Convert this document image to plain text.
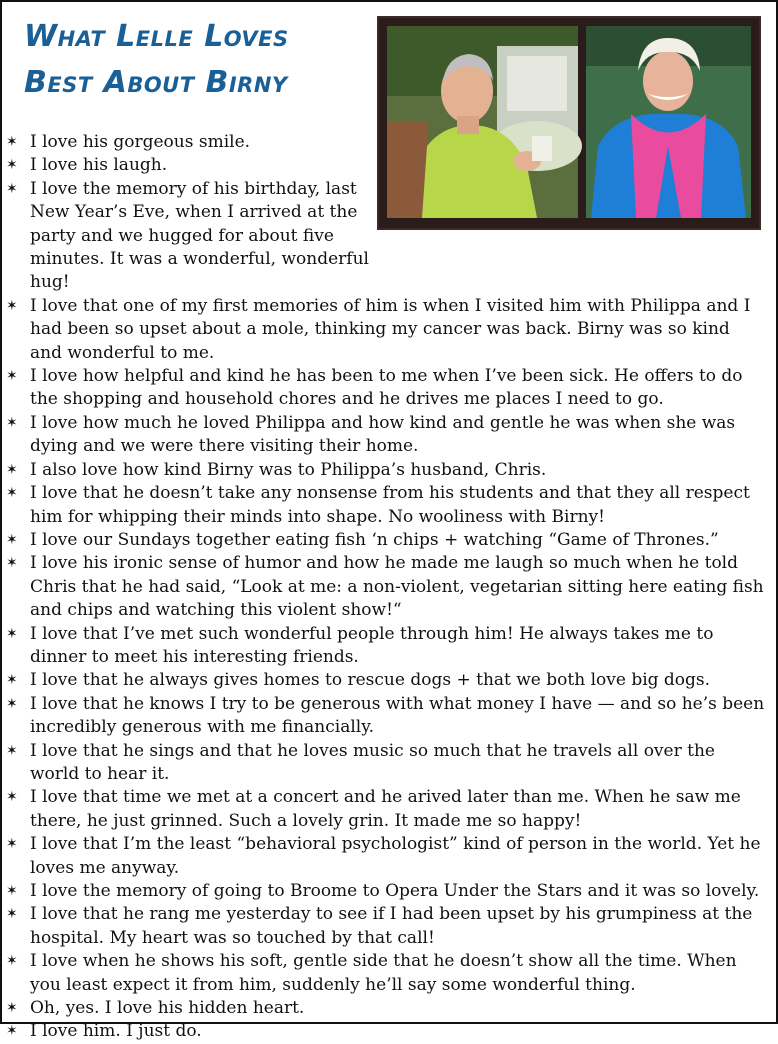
What Lelle Loves
Best About Birny
✶ I love his gorgeous smile.
✶ I love his laugh.
✶ I love the memory of his birthday, last New Year’s Eve, when I arrived at the party and we hugged for about five minutes. It was a wonderful, wonderful hug!
✶ I love that one of my first memories of him is when I visited him with Philippa and I had been so upset about a mole, thinking my cancer was back. Birny was so kind and wonderful to me.
✶ I love how helpful and kind he has been to me when I’ve been sick. He offers to do the shopping and household chores and he drives me places I need to go.
✶ I love how much he loved Philippa and how kind and gentle he was when she was dying and we were there visiting their home.
✶ I also love how kind Birny was to Philippa’s husband, Chris.
✶ I love that he doesn’t take any nonsense from his students and that they all respect him for whipping their minds into shape. No wooliness with Birny!
✶ I love our Sundays together eating fish ‘n chips + watching “Game of Thrones.”
✶ I love his ironic sense of humor and how he made me laugh so much when he told Chris that he had said, “Look at me: a non-violent, vegetarian sitting here eating fish and chips and watching this violent show!“
✶ I love that I’ve met such wonderful people through him! He always takes me to dinner to meet his interesting friends.
✶ I love that he always gives homes to rescue dogs + that we both love big dogs.
✶ I love that he knows I try to be generous with what money I have — and so he’s been incredibly generous with me financially.
✶ I love that he sings and that he loves music so much that he travels all over the world to hear it.
✶ I love that time we met at a concert and he arived later than me. When he saw me there, he just grinned. Such a lovely grin. It made me so happy!
✶ I love that I’m the least “behavioral psychologist” kind of person in the world. Yet he loves me anyway.
✶ I love the memory of going to Broome to Opera Under the Stars and it was so lovely.
✶ I love that he rang me yesterday to see if I had been upset by his grumpiness at the hospital. My heart was so touched by that call!
✶ I love when he shows his soft, gentle side that he doesn’t show all the time. When you least expect it from him, suddenly he’ll say some wonderful thing.
✶ Oh, yes. I love his hidden heart.
✶ I love him. I just do.
